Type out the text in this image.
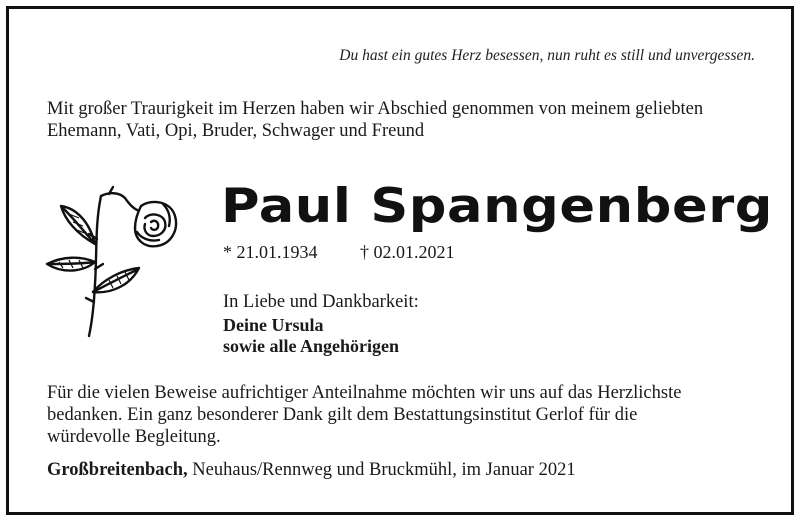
Du hast ein gutes Herz besessen, nun ruht es still und unvergessen.
Mit großer Traurigkeit im Herzen haben wir Abschied genommen von meinem geliebten
Ehemann, Vati, Opi, Bruder, Schwager und Freund
Paul Spangenberg
* 21.01.1934 † 02.01.2021
In Liebe und Dankbarkeit:
Deine Ursula
sowie alle Angehörigen
Für die vielen Beweise aufrichtiger Anteilnahme möchten wir uns auf das Herzlichste
bedanken. Ein ganz besonderer Dank gilt dem Bestattungsinstitut Gerlof für die
würdevolle Begleitung.
Großbreitenbach, Neuhaus/Rennweg und Bruckmühl, im Januar 2021
